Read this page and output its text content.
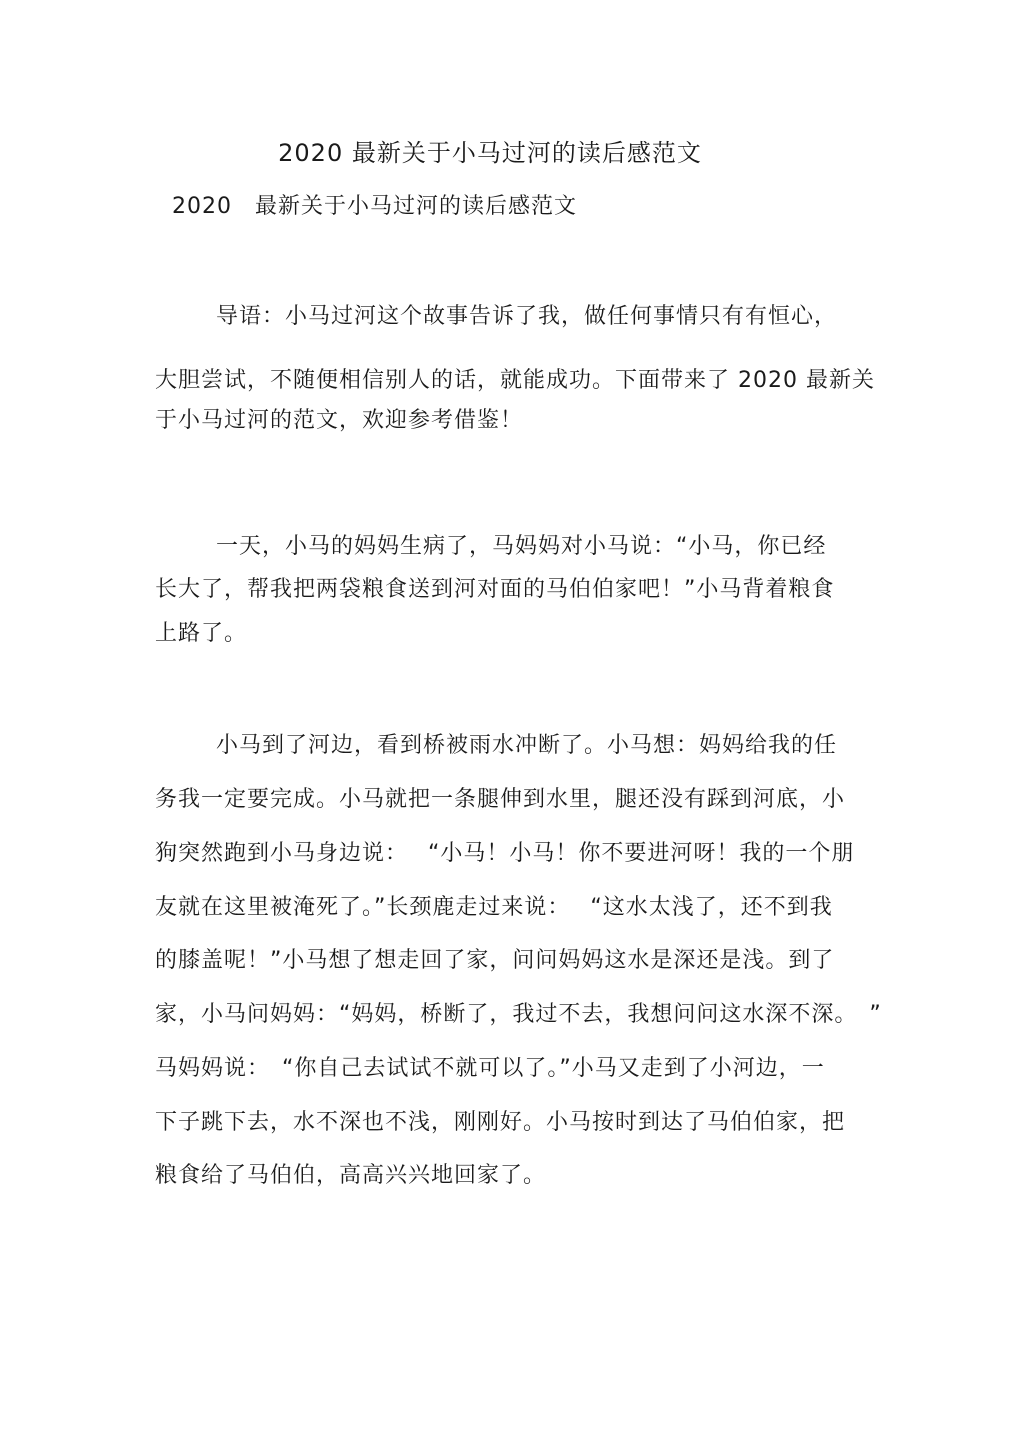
2020 最新关于小马过河的读后感范文
2020　最新关于小马过河的读后感范文
导语：小马过河这个故事告诉了我，做任何事情只有有恒心，
大胆尝试，不随便相信别人的话，就能成功。下面带来了 2020 最新关
于小马过河的范文，欢迎参考借鉴！
一天，小马的妈妈生病了，马妈妈对小马说：“小马，你已经
长大了，帮我把两袋粮食送到河对面的马伯伯家吧！”小马背着粮食
上路了。
小马到了河边，看到桥被雨水冲断了。小马想：妈妈给我的任
务我一定要完成。小马就把一条腿伸到水里，腿还没有踩到河底，小
狗突然跑到小马身边说：　 “小马！小马！你不要进河呀！我的一个朋
友就在这里被淹死了。”长颈鹿走过来说：　 “这水太浅了，还不到我
的膝盖呢！”小马想了想走回了家，问问妈妈这水是深还是浅。到了
家，小马问妈妈：“妈妈，桥断了，我过不去，我想问问这水深不深。　”
马妈妈说：　“你自己去试试不就可以了。”小马又走到了小河边，一
下子跳下去，水不深也不浅，刚刚好。小马按时到达了马伯伯家，把
粮食给了马伯伯，高高兴兴地回家了。
